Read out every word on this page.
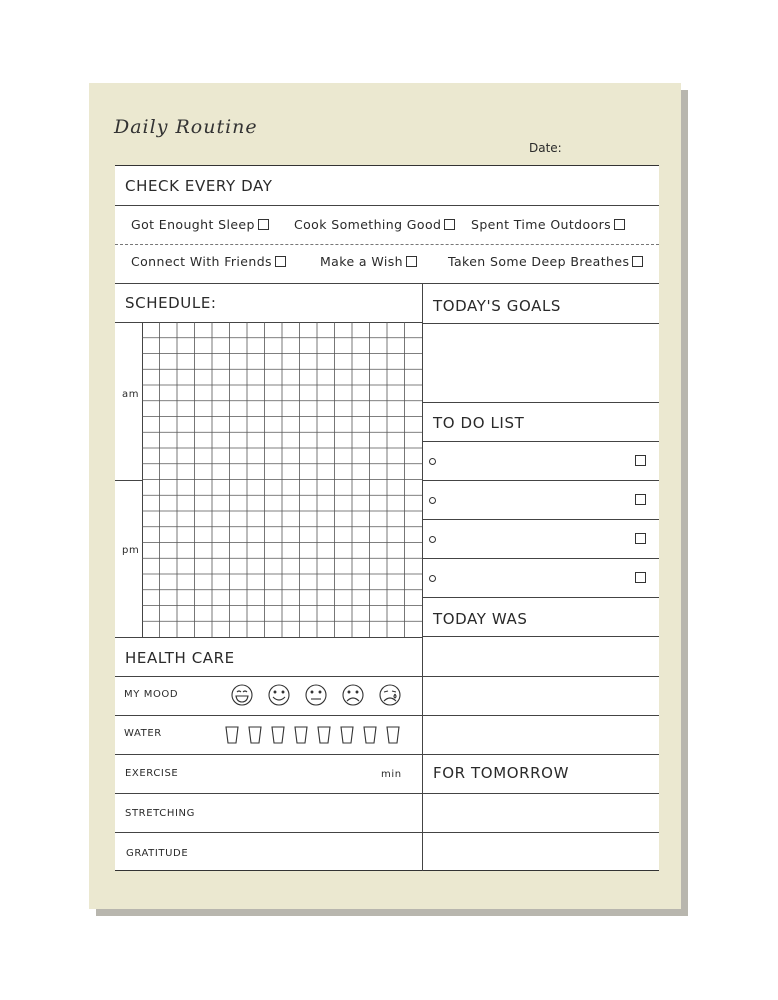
Daily Routine
Date:
CHECK EVERY DAY
Got Enought Sleep	Cook Something Good	Spent Time Outdoors
Connect With Friends	Make a Wish	Taken Some Deep Breathes
SCHEDULE:
am
pm
TODAY'S GOALS
TO DO LIST
TODAY WAS
HEALTH CARE
MY MOOD
WATER
EXERCISE	min
STRETCHING
GRATITUDE
FOR TOMORROW
